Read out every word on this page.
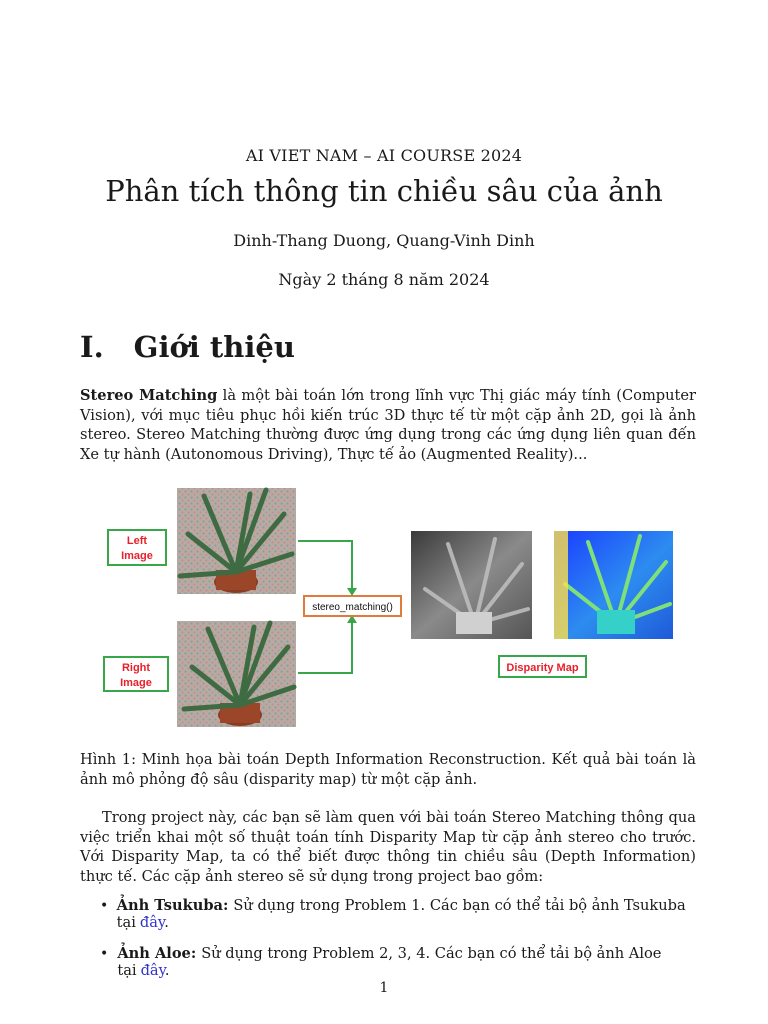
AI VIET NAM – AI COURSE 2024
Phân tích thông tin chiều sâu của ảnh
Dinh-Thang Duong, Quang-Vinh Dinh
Ngày 2 tháng 8 năm 2024
I. Giới thiệu
Stereo Matching là một bài toán lớn trong lĩnh vực Thị giác máy tính (Computer Vision), với mục tiêu phục hồi kiến trúc 3D thực tế từ một cặp ảnh 2D, gọi là ảnh stereo. Stereo Matching thường được ứng dụng trong các ứng dụng liên quan đến Xe tự hành (Autonomous Driving), Thực tế ảo (Augmented Reality)...
Left
Image
Right
Image
stereo_matching()
Disparity Map
Hình 1: Minh họa bài toán Depth Information Reconstruction. Kết quả bài toán là ảnh mô phỏng độ sâu (disparity map) từ một cặp ảnh.
Trong project này, các bạn sẽ làm quen với bài toán Stereo Matching thông qua việc triển khai một số thuật toán tính Disparity Map từ cặp ảnh stereo cho trước. Với Disparity Map, ta có thể biết được thông tin chiều sâu (Depth Information) thực tế. Các cặp ảnh stereo sẽ sử dụng trong project bao gồm:
• Ảnh Tsukuba: Sử dụng trong Problem 1. Các bạn có thể tải bộ ảnh Tsukuba tại đây.
• Ảnh Aloe: Sử dụng trong Problem 2, 3, 4. Các bạn có thể tải bộ ảnh Aloe tại đây.
1
